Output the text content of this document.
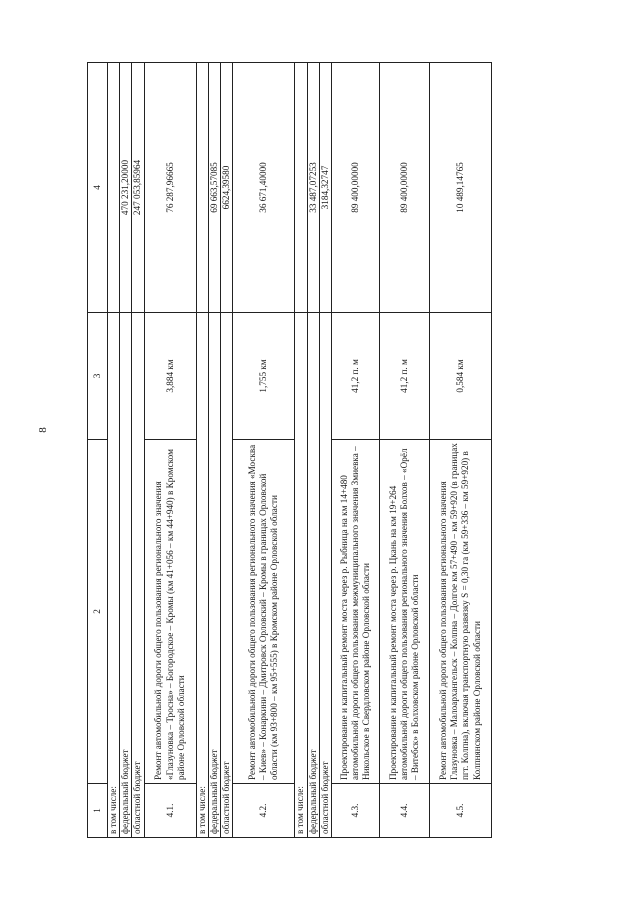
8
1	2	3	4
в том числе:			
федеральный бюджет			470 231,20000
областной бюджет			247 053,85964
4.1.	Ремонт автомобильной дороги общего пользования регионального значения «Глазуновка – Тросна» – Богородское – Кромы (км 41+056 – км 44+940) в Кромском районе Орловской области	3,884 км	76 287,96665
в том числе:			
федеральный бюджет			69 663,57085
областной бюджет			6624,39580
4.2.	Ремонт автомобильной дороги общего пользования регионального значения «Москва – Киев» – Конаркини – Дмитровск Орловский – Кромы в границах Орловской области (км 93+800 – км 95+555) в Кромском районе Орловской области	1,755 км	36 671,40000
в том числе:			
федеральный бюджет			33 487,07253
областной бюджет			3184,32747
4.3.	Проектирование и капитальный ремонт моста через р. Рыбница на км 14+480 автомобильной дороги общего пользования межмуниципального значения Змиевка – Никольское в Свердловском районе Орловской области	41,2 п. м	89 400,00000
4.4.	Проектирование и капитальный ремонт моста через р. Цкань на км 19+264 автомобильной дороги общего пользования регионального значения Болхов – «Орёл – Витебск» в Болховском районе Орловской области	41,2 п. м	89 400,00000
4.5.	Ремонт автомобильной дороги общего пользования регионального значения Глазуновка – Малоархангельск – Колпна – Долгое км 57+490 – км 59+920 (в границах пгт. Колпна), включая транспортную развязку S = 0,30 га (км 59+336 – км 59+920) в Колпнянском районе Орловской области	0,584 км	10 489,14765
